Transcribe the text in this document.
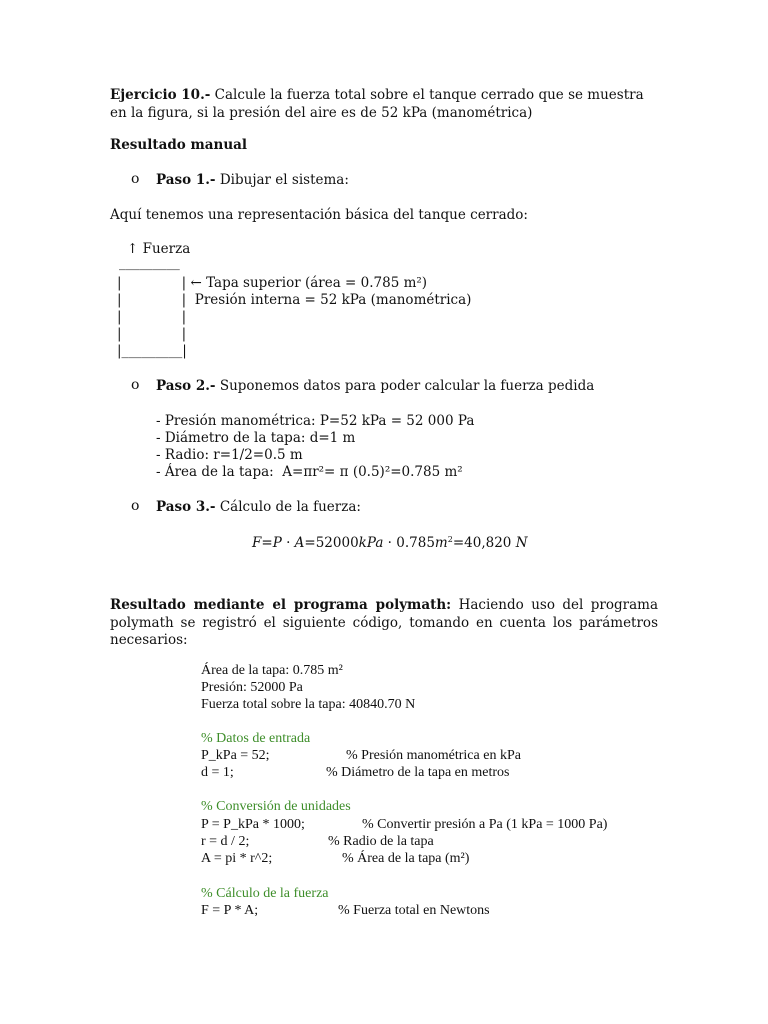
Ejercicio 10.- Calcule la fuerza total sobre el tanque cerrado que se muestra en la figura, si la presión del aire es de 52 kPa (manométrica)
Resultado manual
o Paso 1.- Dibujar el sistema:
Aquí tenemos una representación básica del tanque cerrado:
↑ Fuerza
_________
|              | ← Tapa superior (área = 0.785 m²)
|              |  Presión interna = 52 kPa (manométrica)
|              |
|              |
|_________|
o Paso 2.- Suponemos datos para poder calcular la fuerza pedida
- Presión manométrica: P=52 kPa = 52 000 Pa
- Diámetro de la tapa: d=1 m
- Radio: r=1/2=0.5 m
- Área de la tapa:  A=πr²= π (0.5)²=0.785 m²
o Paso 3.- Cálculo de la fuerza:
$F=P \cdot A=52000kPa \cdot 0.785m^2=40,820$ N
Resultado mediante el programa polymath: Haciendo uso del programa polymath se registró el siguiente código, tomando en cuenta los parámetros necesarios:
Área de la tapa: 0.785 m²
Presión: 52000 Pa
Fuerza total sobre la tapa: 40840.70 N
% Datos de entrada
P_kPa = 52;	% Presión manométrica en kPa
d = 1;	% Diámetro de la tapa en metros
% Conversión de unidades
P = P_kPa * 1000;	% Convertir presión a Pa (1 kPa = 1000 Pa)
r = d / 2;	% Radio de la tapa
A = pi * r^2;	% Área de la tapa (m²)
% Cálculo de la fuerza
F = P * A;	% Fuerza total en Newtons
